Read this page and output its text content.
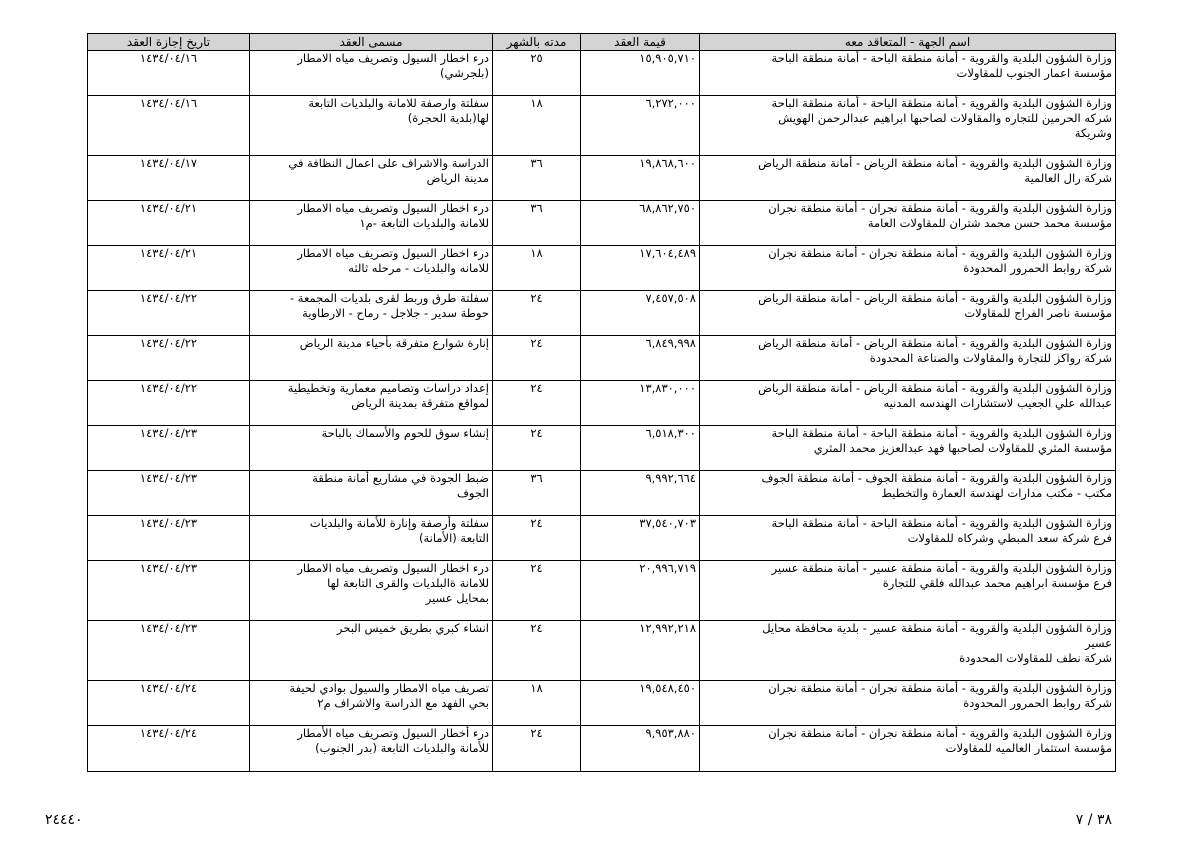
اسم الجهة - المتعاقد معه	قيمة العقد	مدته بالشهر	مسمى العقد	تاريخ إجازة العقد

وزارة الشؤون البلدية والقروية - أمانة منطقة الباحة - أمانة منطقة الباحة
مؤسسة اعمار الجنوب للمقاولات	١٥,٩٠٥,٧١٠	٢٥	درء اخطار السيول وتصريف مياه الامطار
(بلجرشي)	١٤٣٤/٠٤/١٦

وزارة الشؤون البلدية والقروية - أمانة منطقة الباحة - أمانة منطقة الباحة
شركه الحرمين للتجاره والمقاولات لصاحبها ابراهيم عبدالرحمن الهويش
وشريكة	٦,٢٧٢,٠٠٠	١٨	سفلتة وارصفة للامانة والبلديات التابعة
لها(بلدية الحجرة)	١٤٣٤/٠٤/١٦

وزارة الشؤون البلدية والقروية - أمانة منطقة الرياض - أمانة منطقة الرياض
شركة رال العالمية	١٩,٨٦٨,٦٠٠	٣٦	الدراسة والاشراف على اعمال النظافة في
مدينة الرياض	١٤٣٤/٠٤/١٧

وزارة الشؤون البلدية والقروية - أمانة منطقة نجران - أمانة منطقة نجران
مؤسسة محمد حسن محمد شتران للمقاولات العامة	٦٨,٨٦٢,٧٥٠	٣٦	درء اخطار السيول وتصريف مياه الامطار
للامانة والبلديات التابعة -م١	١٤٣٤/٠٤/٢١

وزارة الشؤون البلدية والقروية - أمانة منطقة نجران - أمانة منطقة نجران
شركة روابط الحمرور المحدودة	١٧,٦٠٤,٤٨٩	١٨	درء اخطار السيول وتصريف مياه الامطار
للامانه والبلديات - مرحله ثالثه	١٤٣٤/٠٤/٢١

وزارة الشؤون البلدية والقروية - أمانة منطقة الرياض - أمانة منطقة الرياض
مؤسسة ناصر الفراج للمقاولات	٧,٤٥٧,٥٠٨	٢٤	سفلتة طرق وربط لقرى بلديات المجمعة -
حوطة سدير - جلاجل - رماح - الارطاوية	١٤٣٤/٠٤/٢٢

وزارة الشؤون البلدية والقروية - أمانة منطقة الرياض - أمانة منطقة الرياض
شركة رواكز للتجارة والمقاولات والصناعة المحدودة	٦,٨٤٩,٩٩٨	٢٤	إنارة شوارع متفرقة بأحياء مدينة الرياض	١٤٣٤/٠٤/٢٢

وزارة الشؤون البلدية والقروية - أمانة منطقة الرياض - أمانة منطقة الرياض
عبدالله علي الجعيب لاستشارات الهندسه المدنيه	١٣,٨٣٠,٠٠٠	٢٤	إعداد دراسات وتصاميم معمارية وتخطيطية
لمواقع متفرقة بمدينة الرياض	١٤٣٤/٠٤/٢٢

وزارة الشؤون البلدية والقروية - أمانة منطقة الباحة - أمانة منطقة الباحة
مؤسسة المثري للمقاولات لصاحبها فهد عبدالعزيز محمد المثري	٦,٥١٨,٣٠٠	٢٤	إنشاء سوق للحوم والأسماك بالباحة	١٤٣٤/٠٤/٢٣

وزارة الشؤون البلدية والقروية - أمانة منطقة الجوف - أمانة منطقة الجوف
مكتب - مكتب مدارات لهندسة العمارة والتخطيط	٩,٩٩٢,٦٦٤	٣٦	ضبط الجودة في مشاريع أمانة منطقة
الجوف	١٤٣٤/٠٤/٢٣

وزارة الشؤون البلدية والقروية - أمانة منطقة الباحة - أمانة منطقة الباحة
فرع شركة سعد المبطي وشركاه للمقاولات	٣٧,٥٤٠,٧٠٣	٢٤	سفلتة وأرصفة وإنارة للأمانة والبلديات
التابعة (الأمانة)	١٤٣٤/٠٤/٢٣

وزارة الشؤون البلدية والقروية - أمانة منطقة عسير - أمانة منطقة عسير
فرع مؤسسة ابراهيم محمد عبدالله فلقي للتجارة	٢٠,٩٩٦,٧١٩	٢٤	درء اخطار السيول وتصريف مياه الامطار
للامانة ةالبلديات والقرى التابعة لها
بمحايل عسير	١٤٣٤/٠٤/٢٣

وزارة الشؤون البلدية والقروية - أمانة منطقة عسير - بلدية محافظة محايل
عسير
شركة نطف للمقاولات المحدودة	١٢,٩٩٢,٢١٨	٢٤	انشاء كبري بطريق خميس البحر	١٤٣٤/٠٤/٢٣

وزارة الشؤون البلدية والقروية - أمانة منطقة نجران - أمانة منطقة نجران
شركة روابط الحمرور المحدودة	١٩,٥٤٨,٤٥٠	١٨	تصريف مياه الامطار والسيول بوادي لحيفة
بحي الفهد مع الدراسة والاشراف م٢	١٤٣٤/٠٤/٢٤

وزارة الشؤون البلدية والقروية - أمانة منطقة نجران - أمانة منطقة نجران
مؤسسة استثمار العالميه للمقاولات	٩,٩٥٣,٨٨٠	٢٤	درء أخطار السيول وتصريف مياه الأمطار
للأمانة والبلديات التابعة (بدر الجنوب)	١٤٣٤/٠٤/٢٤
٣٨ / ٧
٢٤٤٤٠
